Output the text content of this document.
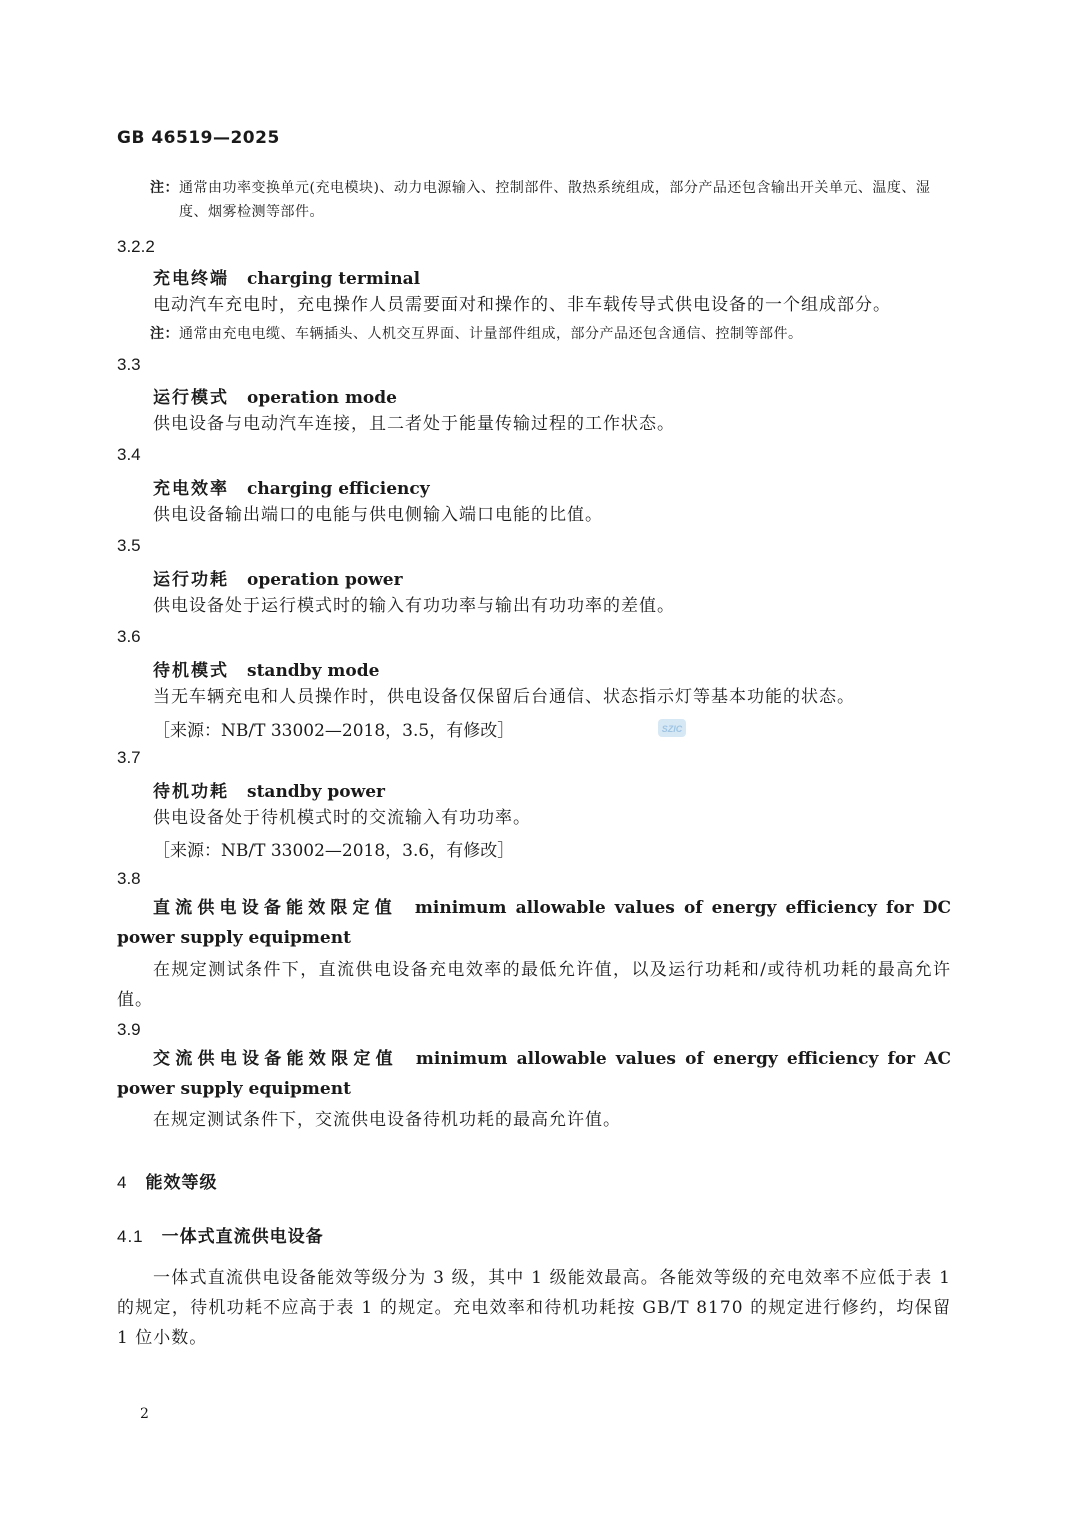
GB 46519—2025
注：通常由功率变换单元(充电模块)、动力电源输入、控制部件、散热系统组成，部分产品还包含输出开关单元、温度、湿度、烟雾检测等部件。
3.2.2
充电终端 charging terminal
电动汽车充电时，充电操作人员需要面对和操作的、非车载传导式供电设备的一个组成部分。
注：通常由充电电缆、车辆插头、人机交互界面、计量部件组成，部分产品还包含通信、控制等部件。
3.3
运行模式 operation mode
供电设备与电动汽车连接，且二者处于能量传输过程的工作状态。
3.4
充电效率 charging efficiency
供电设备输出端口的电能与供电侧输入端口电能的比值。
3.5
运行功耗 operation power
供电设备处于运行模式时的输入有功功率与输出有功功率的差值。
3.6
待机模式 standby mode
当无车辆充电和人员操作时，供电设备仅保留后台通信、状态指示灯等基本功能的状态。
［来源：NB/T 33002—2018，3.5，有修改］	SZIC
3.7
待机功耗 standby power
供电设备处于待机模式时的交流输入有功功率。
［来源：NB/T 33002—2018，3.6，有修改］
3.8
直流供电设备能效限定值 minimum allowable values of energy efficiency for DC power supply equipment
在规定测试条件下，直流供电设备充电效率的最低允许值，以及运行功耗和/或待机功耗的最高允许值。
3.9
交流供电设备能效限定值 minimum allowable values of energy efficiency for AC power supply equipment
在规定测试条件下，交流供电设备待机功耗的最高允许值。
4 能效等级
4.1 一体式直流供电设备
一体式直流供电设备能效等级分为 3 级，其中 1 级能效最高。各能效等级的充电效率不应低于表 1 的规定，待机功耗不应高于表 1 的规定。充电效率和待机功耗按 GB/T 8170 的规定进行修约，均保留 1 位小数。
2
